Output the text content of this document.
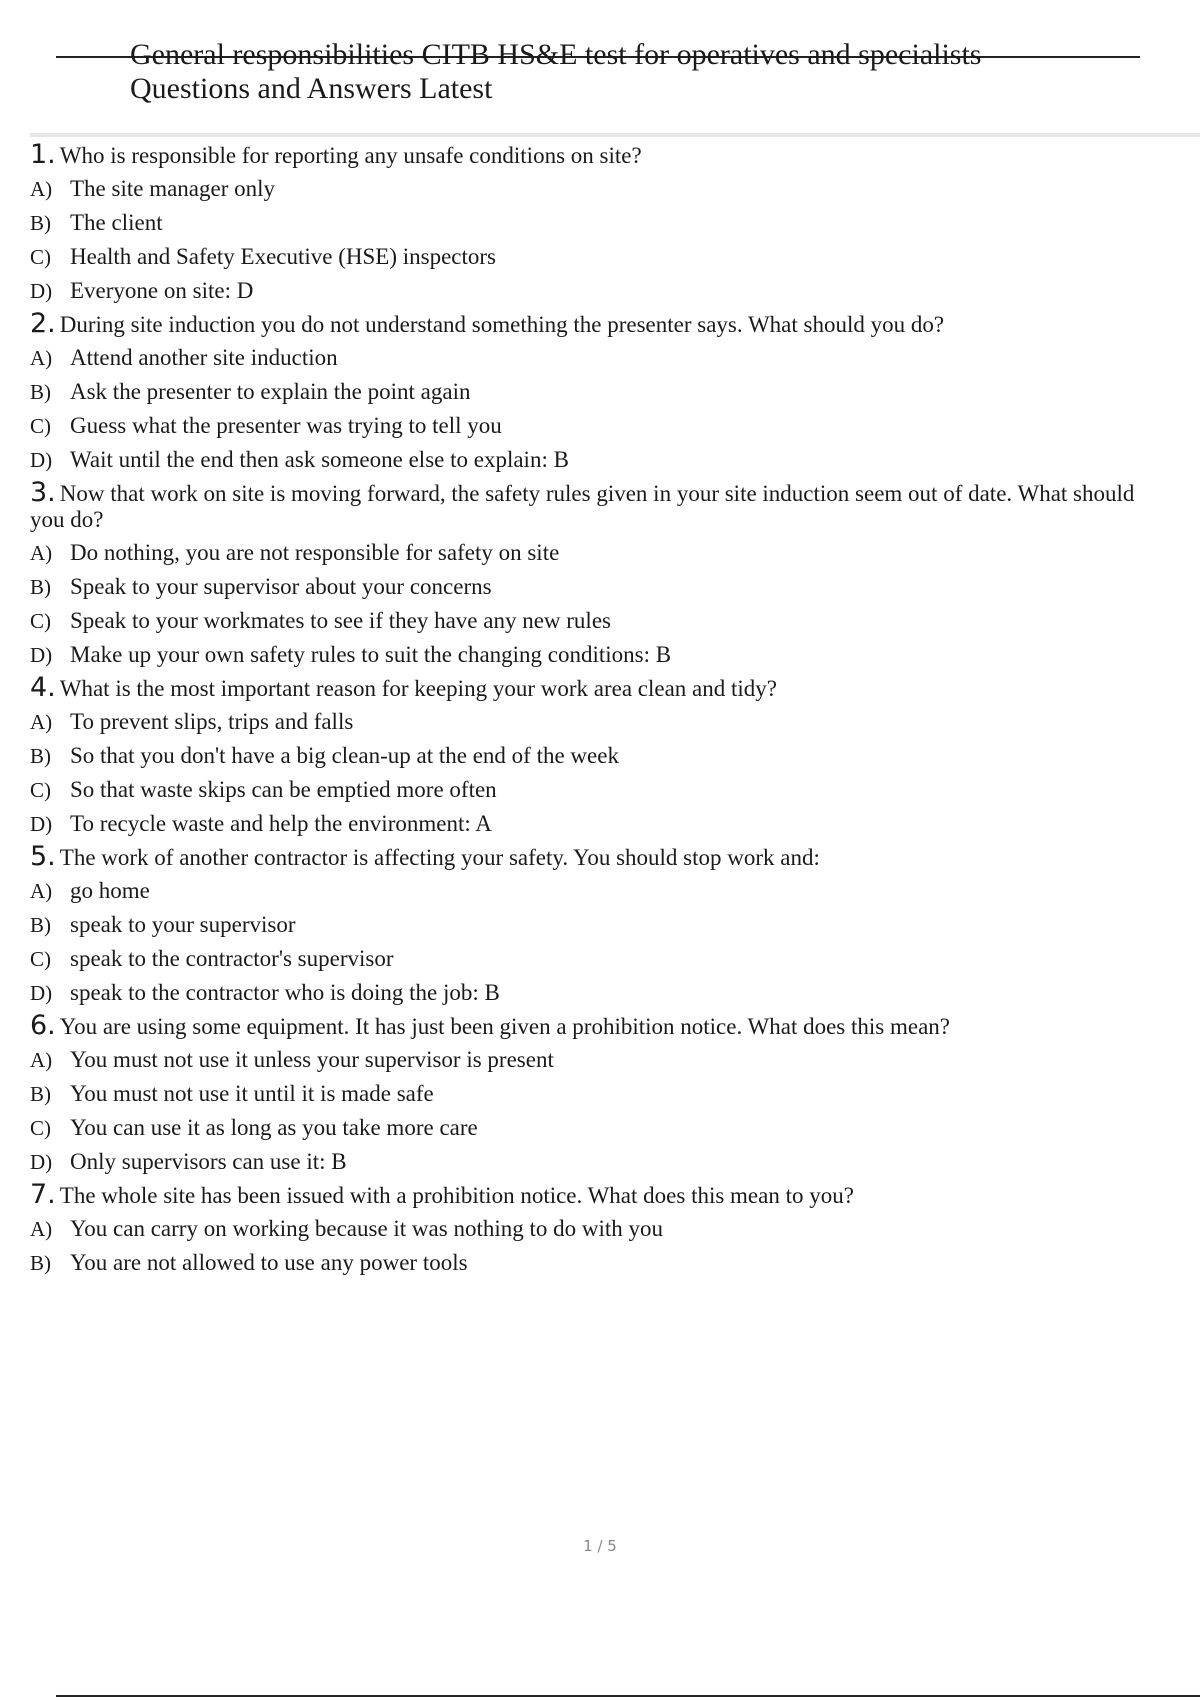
General responsibilities CITB HS&E test for operatives and specialists
Questions and Answers Latest
1. Who is responsible for reporting any unsafe conditions on site?
A) The site manager only
B) The client
C) Health and Safety Executive (HSE) inspectors
D) Everyone on site: D
2. During site induction you do not understand something the presenter says. What should you do?
A) Attend another site induction
B) Ask the presenter to explain the point again
C) Guess what the presenter was trying to tell you
D) Wait until the end then ask someone else to explain: B
3. Now that work on site is moving forward, the safety rules given in your site induction seem out of date. What should you do?
A) Do nothing, you are not responsible for safety on site
B) Speak to your supervisor about your concerns
C) Speak to your workmates to see if they have any new rules
D) Make up your own safety rules to suit the changing conditions: B
4. What is the most important reason for keeping your work area clean and tidy?
A) To prevent slips, trips and falls
B) So that you don't have a big clean-up at the end of the week
C) So that waste skips can be emptied more often
D) To recycle waste and help the environment: A
5. The work of another contractor is affecting your safety. You should stop work and:
A) go home
B) speak to your supervisor
C) speak to the contractor's supervisor
D) speak to the contractor who is doing the job: B
6. You are using some equipment. It has just been given a prohibition notice. What does this mean?
A) You must not use it unless your supervisor is present
B) You must not use it until it is made safe
C) You can use it as long as you take more care
D) Only supervisors can use it: B
7. The whole site has been issued with a prohibition notice. What does this mean to you?
A) You can carry on working because it was nothing to do with you
B) You are not allowed to use any power tools
1 / 5
